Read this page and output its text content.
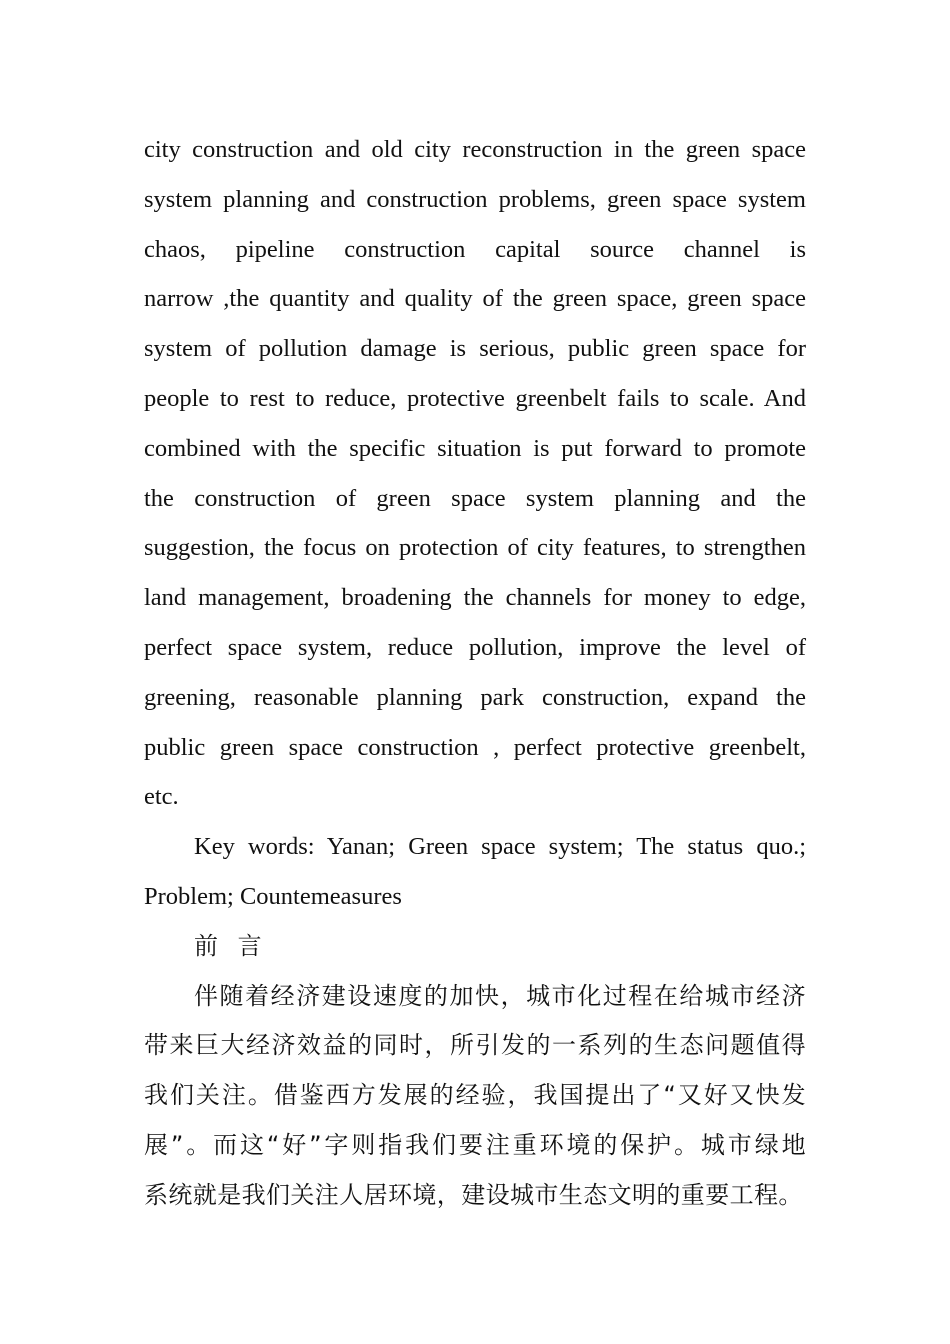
city construction and old city reconstruction in the green space
system planning and construction problems, green space system
chaos, pipeline construction capital source channel is
narrow ,the quantity and quality of the green space, green space
system of pollution damage is serious, public green space for
people to rest to reduce, protective greenbelt fails to scale. And
combined with the specific situation is put forward to promote
the construction of green space system planning and the
suggestion, the focus on protection of city features, to strengthen
land management, broadening the channels for money to edge,
perfect space system, reduce pollution, improve the level of
greening, reasonable planning park construction, expand the
public green space construction , perfect protective greenbelt,
etc.
Key words: Yanan; Green space system; The status quo.;
Problem; Countemeasures
前 言
伴随着经济建设速度的加快，城市化过程在给城市经济
带来巨大经济效益的同时，所引发的一系列的生态问题值得
我们关注。借鉴西方发展的经验，我国提出了“又好又快发
展”。而这“好”字则指我们要注重环境的保护。城市绿地
系统就是我们关注人居环境，建设城市生态文明的重要工程。
